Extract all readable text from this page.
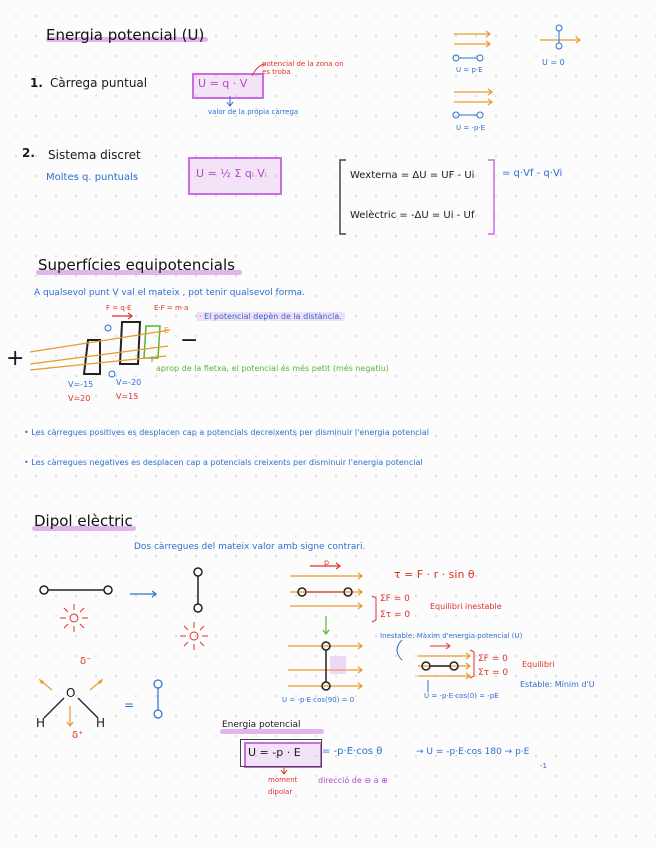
Energia potencial (U)
1. Càrrega puntual	U = q · V
potencial de la zona on es troba
valor de la pròpia càrrega
2. Sistema discret
Moltes q. puntuals	U = ½ Σ qᵢ Vᵢ	Wexterna = ΔU = UF - Ui	= q·Vf - q·Vi
Welèctric = -ΔU = Ui - Uf
U = p·E
U = 0
U = -p·E
Superfícies equipotencials
A qualsevol punt V val el mateix , pot tenir qualsevol forma.
F = q·E	E·F = m·a
· El potencial depèn de la distància.
E
aprop de la fletxa, el potencial és més petit (més negatiu)
+
−
V=-15
V=20
V=-20
V=15
• Les càrregues positives es desplacen cap a potencials decreixents per disminuir l'energia potencial
• Les càrregues negatives es desplacen cap a potencials creixents per disminuir l'energia potencial
Dipol elèctric
Dos càrregues del mateix valor amb signe contrari.
p
τ = F · r · sin θ
ΣF = 0
Στ = 0
Equilibri inestable
Inestable: Màxim d'energia potencial (U)
ΣF = 0
Στ = 0
Equilibri
Estable: Mínim d'U
U = -p·E·cos(90) = 0	U = -p·E·cos(0) = -pE
Energia potencial
U = -p · E = -p·E·cos θ	→ U = -p·E·cos 180 → p·E
-1
moment
dipolar
direcció de ⊖ a ⊕
δ⁻
δ⁺
H	H
O
=
